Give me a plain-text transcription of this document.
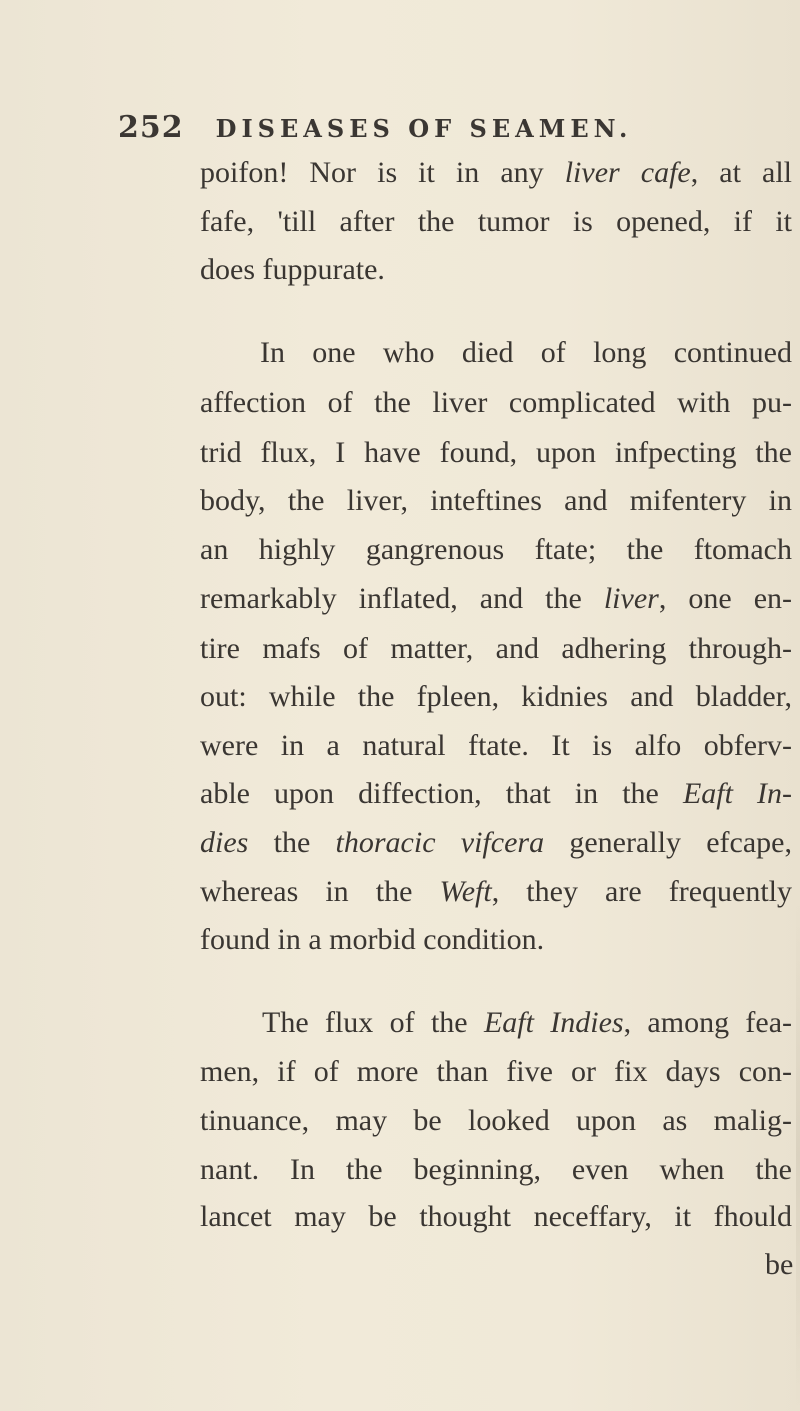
252 DISEASES OF SEAMEN.
poifon! Nor is it in any liver cafe, at all
fafe, 'till after the tumor is opened, if it
does fuppurate.
In one who died of long continued
affection of the liver complicated with pu-
trid flux, I have found, upon infpecting the
body, the liver, inteftines and mifentery in
an highly gangrenous ftate; the ftomach
remarkably inflated, and the liver, one en-
tire mafs of matter, and adhering through-
out: while the fpleen, kidnies and bladder,
were in a natural ftate. It is alfo obferv-
able upon diffection, that in the Eaft In-
dies the thoracic vifcera generally efcape,
whereas in the Weft, they are frequently
found in a morbid condition.
The flux of the Eaft Indies, among fea-
men, if of more than five or fix days con-
tinuance, may be looked upon as malig-
nant. In the beginning, even when the
lancet may be thought neceffary, it fhould
be
